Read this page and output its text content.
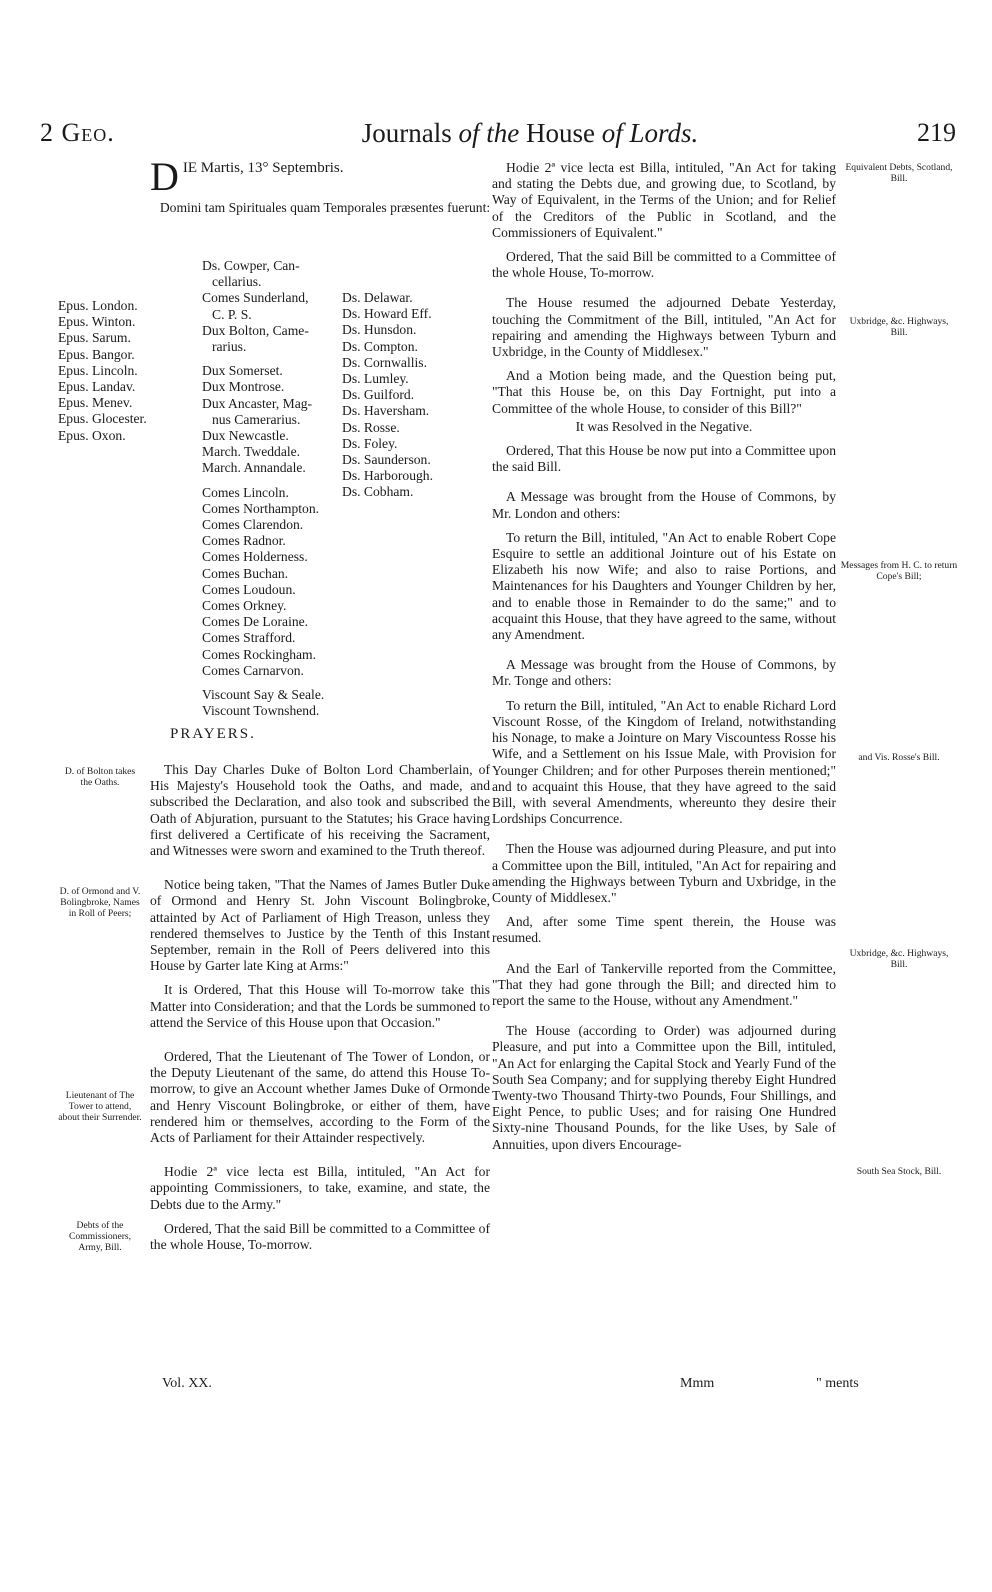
2 Geo.	Journals of the House of Lords.	219
D IE Martis, 13° Septembris.
Domini tam Spirituales quam Temporales præsentes fuerunt:
Epus. London.
Epus. Winton.
Epus. Sarum.
Epus. Bangor.
Epus. Lincoln.
Epus. Landav.
Epus. Menev.
Epus. Glocester.
Epus. Oxon.
Ds. Cowper, Can-
cellarius.
Comes Sunderland,
C. P. S.
Dux Bolton, Came-
rarius.
Dux Somerset.
Dux Montrose.
Dux Ancaster, Mag-
nus Camerarius.
Dux Newcastle.
March. Tweddale.
March. Annandale.
Comes Lincoln.
Comes Northampton.
Comes Clarendon.
Comes Radnor.
Comes Holderness.
Comes Buchan.
Comes Loudoun.
Comes Orkney.
Comes De Loraine.
Comes Strafford.
Comes Rockingham.
Comes Carnarvon.
Viscount Say & Seale.
Viscount Townshend.
Ds. Delawar.
Ds. Howard Eff.
Ds. Hunsdon.
Ds. Compton.
Ds. Cornwallis.
Ds. Lumley.
Ds. Guilford.
Ds. Haversham.
Ds. Rosse.
Ds. Foley.
Ds. Saunderson.
Ds. Harborough.
Ds. Cobham.
PRAYERS.

This Day Charles Duke of Bolton Lord Chamberlain, of His Majesty's Household took the Oaths, and made, and subscribed the Declaration, and also took and subscribed the Oath of Abjuration, pursuant to the Statutes; his Grace having first delivered a Certificate of his receiving the Sacrament, and Witnesses were sworn and examined to the Truth thereof.

Notice being taken, "That the Names of James Butler Duke of Ormond and Henry St. John Viscount Bolingbroke, attainted by Act of Parliament of High Treason, unless they rendered themselves to Justice by the Tenth of this Instant September, remain in the Roll of Peers delivered into this House by Garter late King at Arms:"

It is Ordered, That this House will To-morrow take this Matter into Consideration; and that the Lords be summoned to attend the Service of this House upon that Occasion."

Ordered, That the Lieutenant of The Tower of London, or the Deputy Lieutenant of the same, do attend this House To-morrow, to give an Account whether James Duke of Ormonde and Henry Viscount Bolingbroke, or either of them, have rendered him or themselves, according to the Form of the Acts of Parliament for their Attainder respectively.

Hodie 2ª vice lecta est Billa, intituled, "An Act for appointing Commissioners, to take, examine, and state, the Debts due to the Army."

Ordered, That the said Bill be committed to a Committee of the whole House, To-morrow.

D. of Bolton takes the Oaths.
D. of Ormond and V. Bolingbroke, Names in Roll of Peers;
Lieutenant of The Tower to attend, about their Surrender.
Debts of the Commissioners, Army, Bill.

Hodie 2ª vice lecta est Billa, intituled, "An Act for taking and stating the Debts due, and growing due, to Scotland, by Way of Equivalent, in the Terms of the Union; and for Relief of the Creditors of the Public in Scotland, and the Commissioners of Equivalent."

Ordered, That the said Bill be committed to a Committee of the whole House, To-morrow.

The House resumed the adjourned Debate Yesterday, touching the Commitment of the Bill, intituled, "An Act for repairing and amending the Highways between Tyburn and Uxbridge, in the County of Middlesex."

And a Motion being made, and the Question being put, "That this House be, on this Day Fortnight, put into a Committee of the whole House, to consider of this Bill?"

It was Resolved in the Negative.

Ordered, That this House be now put into a Committee upon the said Bill.

A Message was brought from the House of Commons, by Mr. London and others:

To return the Bill, intituled, "An Act to enable Robert Cope Esquire to settle an additional Jointure out of his Estate on Elizabeth his now Wife; and also to raise Portions, and Maintenances for his Daughters and Younger Children by her, and to enable those in Remainder to do the same;" and to acquaint this House, that they have agreed to the same, without any Amendment.

A Message was brought from the House of Commons, by Mr. Tonge and others:

To return the Bill, intituled, "An Act to enable Richard Lord Viscount Rosse, of the Kingdom of Ireland, notwithstanding his Nonage, to make a Jointure on Mary Viscountess Rosse his Wife, and a Settlement on his Issue Male, with Provision for Younger Children; and for other Purposes therein mentioned;" and to acquaint this House, that they have agreed to the said Bill, with several Amendments, whereunto they desire their Lordships Concurrence.

Then the House was adjourned during Pleasure, and put into a Committee upon the Bill, intituled, "An Act for repairing and amending the Highways between Tyburn and Uxbridge, in the County of Middlesex."

And, after some Time spent therein, the House was resumed.

And the Earl of Tankerville reported from the Committee, "That they had gone through the Bill; and directed him to report the same to the House, without any Amendment."

The House (according to Order) was adjourned during Pleasure, and put into a Committee upon the Bill, intituled, "An Act for enlarging the Capital Stock and Yearly Fund of the South Sea Company; and for supplying thereby Eight Hundred Twenty-two Thousand Thirty-two Pounds, Four Shillings, and Eight Pence, to public Uses; and for raising One Hundred Sixty-nine Thousand Pounds, for the like Uses, by Sale of Annuities, upon divers Encourage-

Equivalent Debts, Scotland, Bill.
Uxbridge, &c. Highways, Bill.
Messages from H. C. to return Cope's Bill;
and Vis. Rosse's Bill.
Uxbridge, &c. Highways, Bill.
South Sea Stock, Bill.
Vol. XX.	Mmm	" ments
